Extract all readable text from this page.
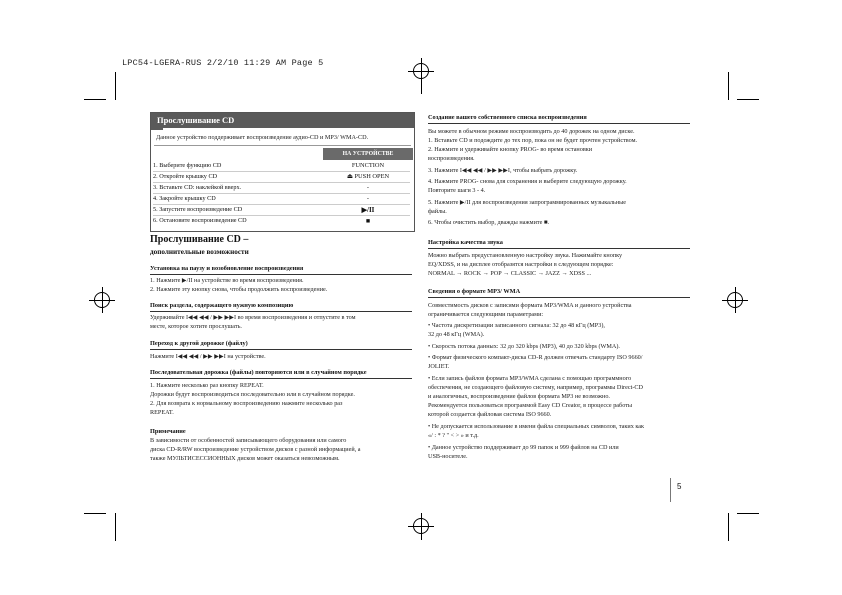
LPC54-LGERA-RUS 2/2/10 11:29 AM Page 5
Прослушивание CD
Данное устройство поддерживает воспроизведение аудио-CD и MP3/ WMA-CD.
НА УСТРОЙСТВЕ
1. Выберите функцию CD	FUNCTION
2. Откройте крышку CD	⏏ PUSH OPEN
3. Вставьте CD: наклейкой вверх.	-
4. Закройте крышку CD	-
5. Запустите воспроизведение CD	▶/II
6. Остановите воспроизведение CD	■
Прослушивание CD –
дополнительные возможности
Установка на паузу и возобновление воспроизведения
1. Нажмите ▶/II на устройстве во время воспроизведения.
2. Нажмите эту кнопку снова, чтобы продолжить воспроизведение.
Поиск раздела, содержащего нужную композицию
Удерживайте I◀◀ ◀◀ / ▶▶ ▶▶I во время воспроизведения и отпустите в том
месте, которое хотите прослушать.
Переход к другой дорожке (файлу)
Нажмите I◀◀ ◀◀ / ▶▶ ▶▶I на устройстве.
Последовательная дорожка (файлы) повторяются или в случайном порядке
1. Нажмите несколько раз кнопку REPEAT.
Дорожки будут воспроизводиться последовательно или в случайном порядке.
2. Для возврата к нормальному воспроизведению нажмите несколько раз
REPEAT.
Примечание
В зависимости от особенностей записывающего оборудования или самого
диска CD-R/RW воспроизведение устройством дисков с разной информацией, а
также МУЛЬТИСЕССИОННЫХ дисков может оказаться невозможным.
Создание вашего собственного списка воспроизведения
Вы можете в обычном режиме воспроизводить до 40 дорожек на одном диске.
1. Вставьте CD и подождите до тех пор, пока он не будет прочтен устройством.
2. Нажмите и удерживайте кнопку PROG- во время остановки
воспроизведения.
3. Нажмите I◀◀ ◀◀ / ▶▶ ▶▶I, чтобы выбрать дорожку.
4. Нажмите PROG- снова для сохранения и выберите следующую дорожку.
Повторите шаги 3 - 4.
5. Нажмите ▶/II для воспроизведения запрограммированных музыкальные
файлы.
6. Чтобы очистить выбор, дважды нажмите ■.
Настройка качества звука
Можно выбрать предустановленную настройку звука. Нажимайте кнопку
EQ/XDSS, и на дисплее отобразятся настройки в следующем порядке:
NORMAL → ROCK → POP → CLASSIC → JAZZ → XDSS ...
Сведения о формате MP3/ WMA
Совместимость дисков с записями формата MP3/WMA и данного устройства
ограничивается следующими параметрами:
• Частота дискретизации записанного сигнала: 32 до 48 кГц (MP3),
32 до 48 кГц (WMA).
• Скорость потока данных: 32 до 320 kbps (MP3), 40 до 320 kbps (WMA).
• Формат физического компакт-диска CD-R должен отвечать стандарту ISO 9660/
JOLIET.
• Если запись файлов формата MP3/WMA сделана с помощью программного
обеспечения, не создающего файловую систему, например, программы Direct-CD
и аналогичных, воспроизведение файлов формата MP3 не возможно.
Рекомендуется пользоваться программой Easy CD Creator, в процессе работы
которой создается файловая система ISO 9660.
• Не допускается использование в имени файла специальных символов, таких как
«/ : * ? " < > » и т.д.
• Данное устройство поддерживает до 99 папок и 999 файлов на CD или
USB-носителе.
5
